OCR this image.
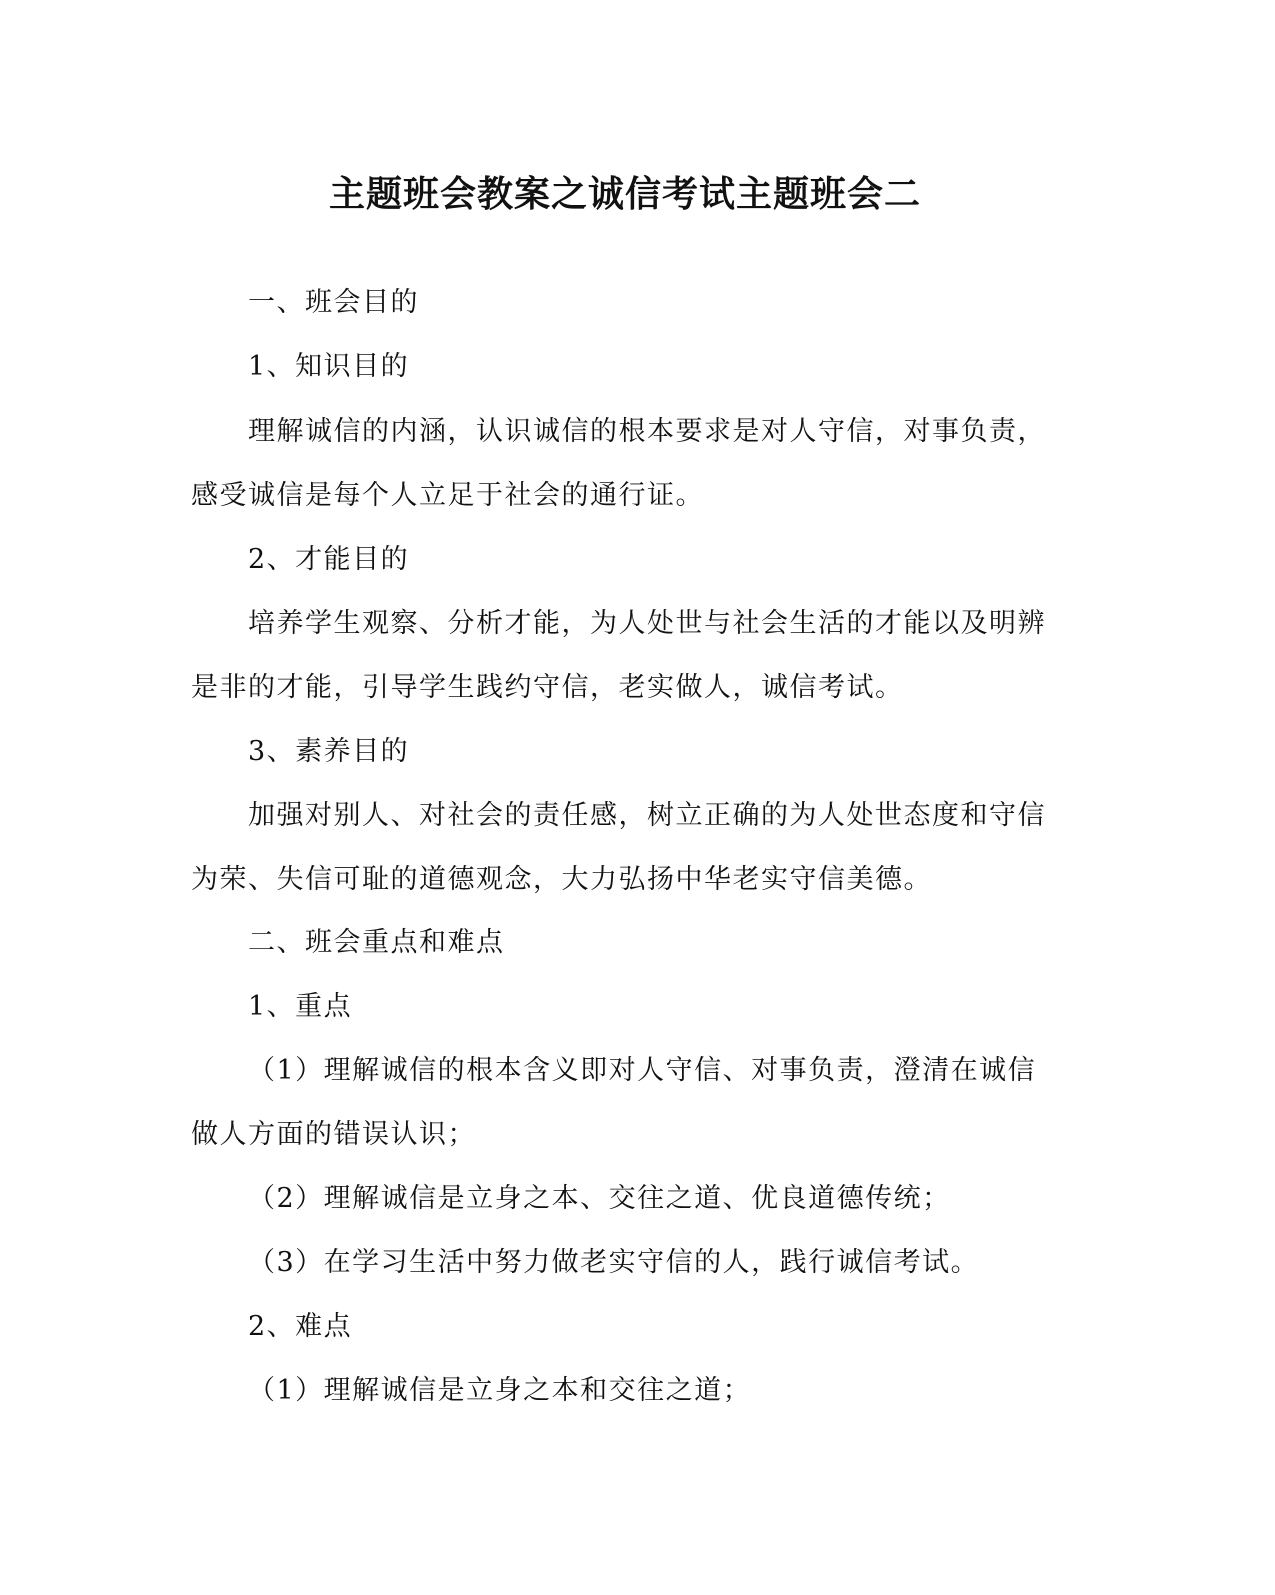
主题班会教案之诚信考试主题班会二
一、班会目的
1、知识目的
理解诚信的内涵，认识诚信的根本要求是对人守信，对事负责，
感受诚信是每个人立足于社会的通行证。
2、才能目的
培养学生观察、分析才能，为人处世与社会生活的才能以及明辨
是非的才能，引导学生践约守信，老实做人，诚信考试。
3、素养目的
加强对别人、对社会的责任感，树立正确的为人处世态度和守信
为荣、失信可耻的道德观念，大力弘扬中华老实守信美德。
二、班会重点和难点
1、重点
（1）理解诚信的根本含义即对人守信、对事负责，澄清在诚信
做人方面的错误认识；
（2）理解诚信是立身之本、交往之道、优良道德传统；
（3）在学习生活中努力做老实守信的人，践行诚信考试。
2、难点
（1）理解诚信是立身之本和交往之道；
